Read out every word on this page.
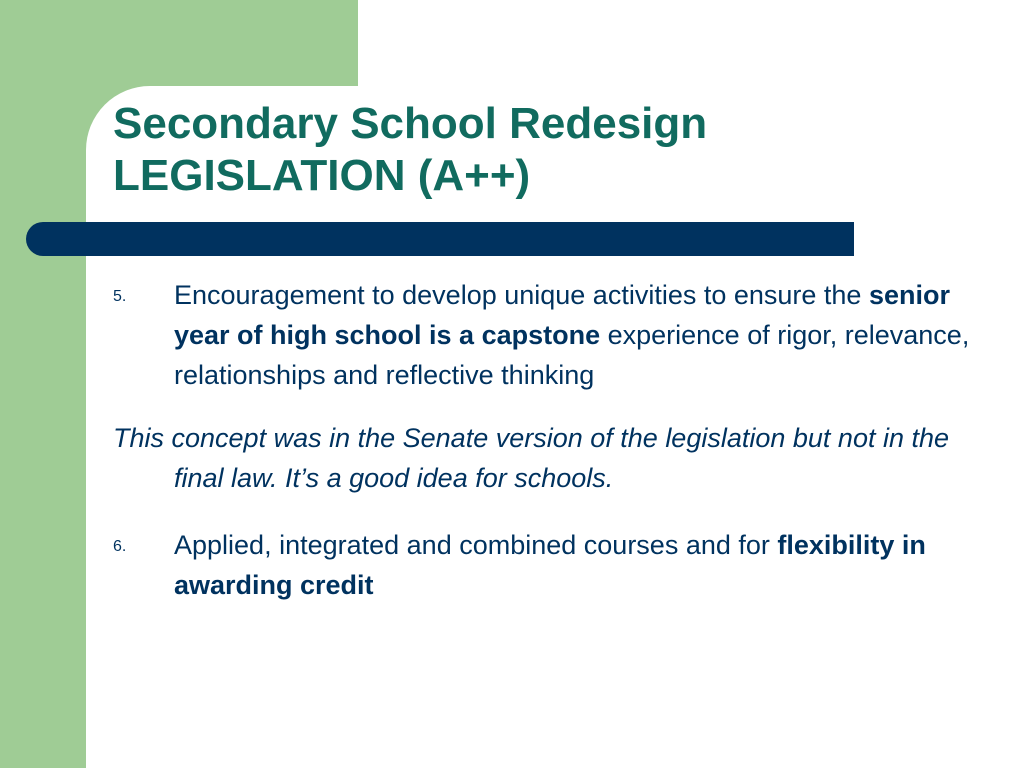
Secondary School Redesign
LEGISLATION (A++)
5. Encouragement to develop unique activities to ensure the senior year of high school is a capstone experience of rigor, relevance, relationships and reflective thinking
This concept was in the Senate version of the legislation but not in the final law. It’s a good idea for schools.
6. Applied, integrated and combined courses and for flexibility in awarding credit
